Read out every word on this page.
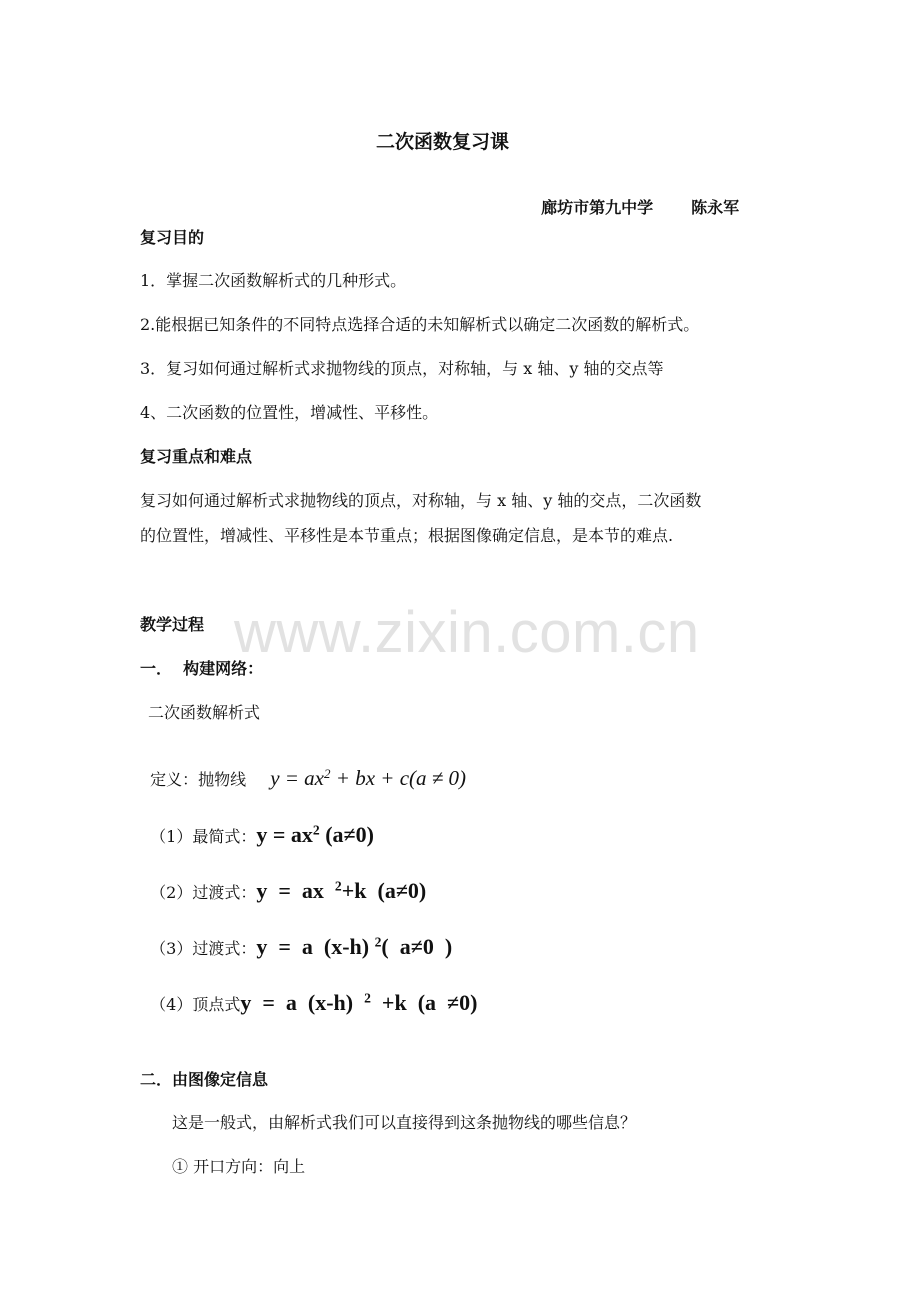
www.zixin.com.cn
二次函数复习课

廊坊市第九中学 陈永军

复习目的
1．掌握二次函数解析式的几种形式。
2.能根据已知条件的不同特点选择合适的未知解析式以确定二次函数的解析式。
3．复习如何通过解析式求抛物线的顶点，对称轴，与 x 轴、y 轴的交点等
4、二次函数的位置性，增减性、平移性。
复习重点和难点
复习如何通过解析式求抛物线的顶点，对称轴，与 x 轴、y 轴的交点，二次函数
的位置性，增减性、平移性是本节重点；根据图像确定信息，是本节的难点.
教学过程
一．  构建网络：
二次函数解析式

定义：抛物线 $y = ax^2$ + bx + c(a ≠ 0)

（1）最简式：$y = ax^2$ (a≠0)

（2）过渡式：y  =  ax  $^2$+k  (a≠0)

（3）过渡式：y  =  a  (x-h) $^2$(  a≠0  )

（4）顶点式y  =  a  (x-h)  $^2$  +k  (a  ≠0)

二．由图像定信息
这是一般式，由解析式我们可以直接得到这条抛物线的哪些信息？
① 开口方向：向上
